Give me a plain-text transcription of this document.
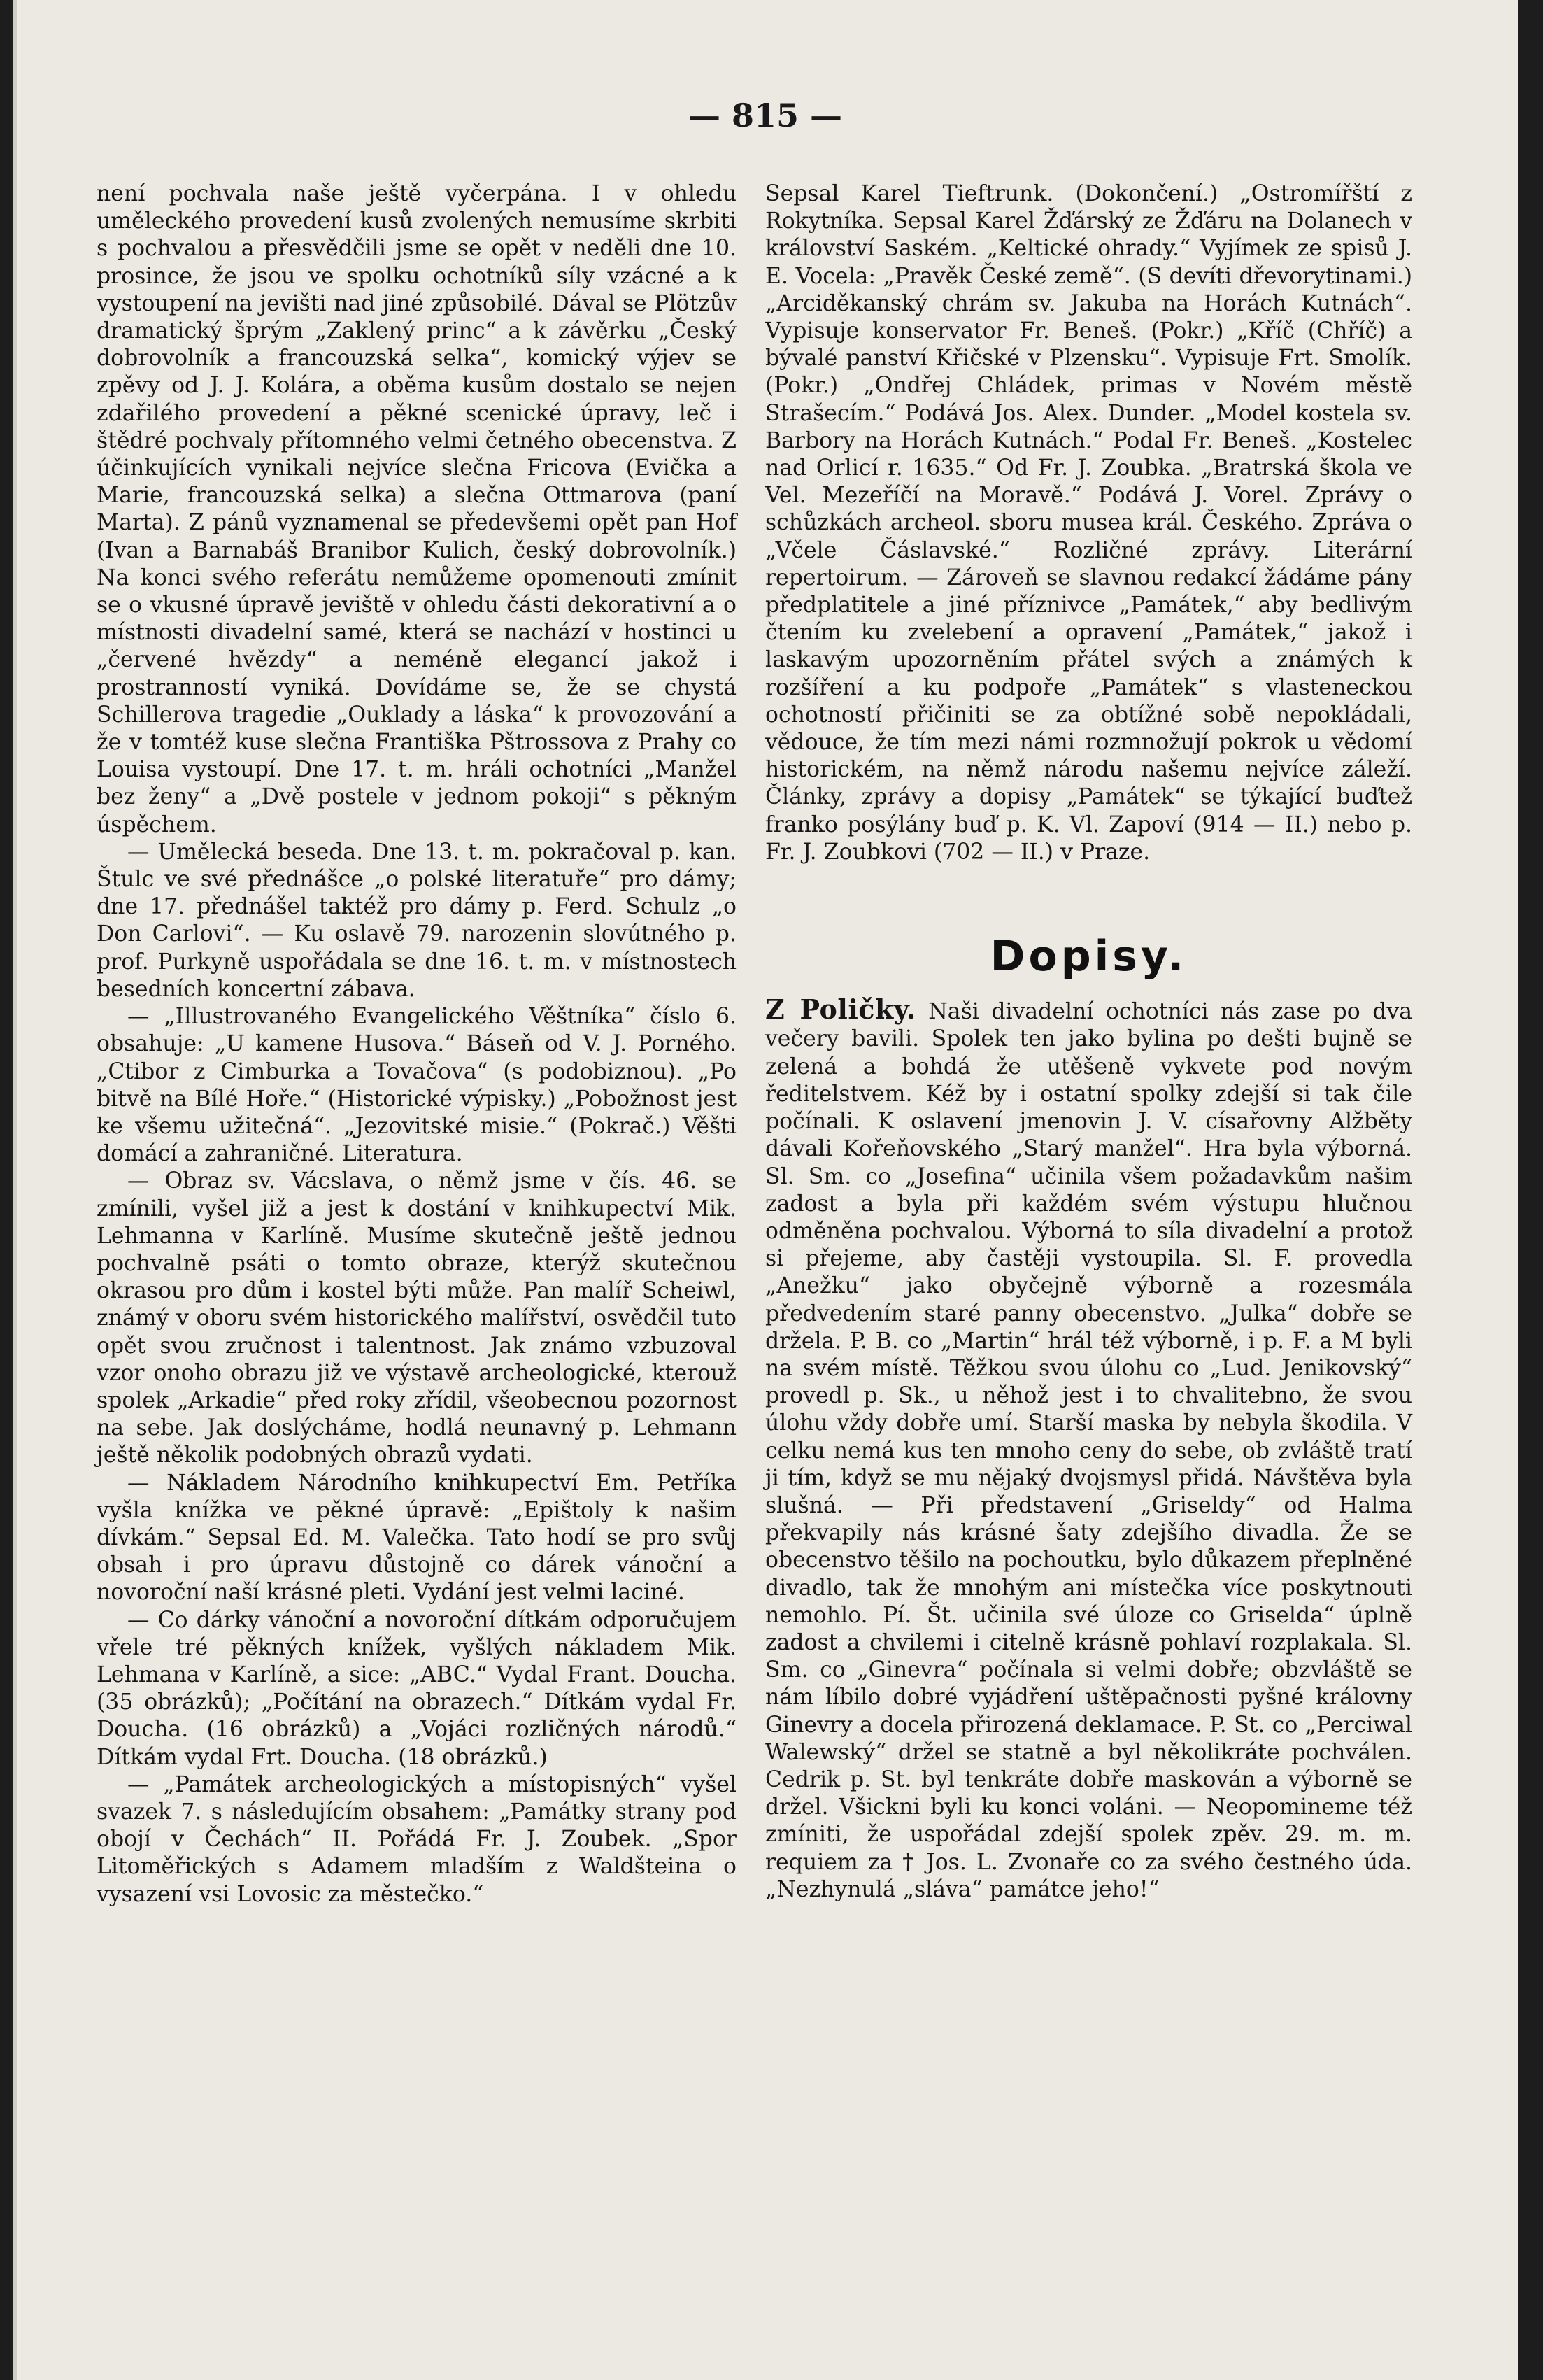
— 815 —

není pochvala naše ještě vyčerpána. I v ohledu uměleckého provedení kusů zvolených nemusíme skrbiti s pochvalou a přesvědčili jsme se opět v neděli dne 10. prosince, že jsou ve spolku ochotníků síly vzácné a k vystoupení na jevišti nad jiné způsobilé. Dával se Plötzův dramatický šprým „Zaklený princ“ a k závěrku „Český dobrovolník a francouzská selka“, komický výjev se zpěvy od J. J. Kolára, a oběma kusům dostalo se nejen zdařilého provedení a pěkné scenické úpravy, leč i štědré pochvaly přítomného velmi četného obecenstva. Z účinkujících vynikali nejvíce slečna Fricova (Evička a Marie, francouzská selka) a slečna Ottmarova (paní Marta). Z pánů vyznamenal se předevšemi opět pan Hof (Ivan a Barnabáš Branibor Kulich, český dobrovolník.) Na konci svého referátu nemůžeme opomenouti zmínit se o vkusné úpravě jeviště v ohledu části dekorativní a o místnosti divadelní samé, která se nachází v hostinci u „červené hvězdy“ a neméně elegancí jakož i prostranností vyniká. Dovídáme se, že se chystá Schillerova tragedie „Ouklady a láska“ k provozování a že v tomtéž kuse slečna Františka Pštrossova z Prahy co Louisa vystoupí. Dne 17. t. m. hráli ochotníci „Manžel bez ženy“ a „Dvě postele v jednom pokoji“ s pěkným úspěchem.

— Umělecká beseda. Dne 13. t. m. pokračoval p. kan. Štulc ve své přednášce „o polské literatuře“ pro dámy; dne 17. přednášel taktéž pro dámy p. Ferd. Schulz „o Don Carlovi“. — Ku oslavě 79. narozenin slovútného p. prof. Purkyně uspořádala se dne 16. t. m. v místnostech besedních koncertní zábava.

— „Illustrovaného Evangelického Věštníka“ číslo 6. obsahuje: „U kamene Husova.“ Báseň od V. J. Porného. „Ctibor z Cimburka a Tovačova“ (s podobiznou). „Po bitvě na Bílé Hoře.“ (Historické výpisky.) „Pobožnost jest ke všemu užitečná“. „Jezovitské misie.“ (Pokrač.) Věšti domácí a zahraničné. Literatura.

— Obraz sv. Vácslava, o němž jsme v čís. 46. se zmínili, vyšel již a jest k dostání v knihkupectví Mik. Lehmanna v Karlíně. Musíme skutečně ještě jednou pochvalně psáti o tomto obraze, kterýž skutečnou okrasou pro dům i kostel býti může. Pan malíř Scheiwl, známý v oboru svém historického malířství, osvědčil tuto opět svou zručnost i talentnost. Jak známo vzbuzoval vzor onoho obrazu již ve výstavě archeologické, kterouž spolek „Arkadie“ před roky zřídil, všeobecnou pozornost na sebe. Jak doslýcháme, hodlá neunavný p. Lehmann ještě několik podobných obrazů vydati.

— Nákladem Národního knihkupectví Em. Petříka vyšla knížka ve pěkné úpravě: „Epištoly k našim dívkám.“ Sepsal Ed. M. Valečka. Tato hodí se pro svůj obsah i pro úpravu důstojně co dárek vánoční a novoroční naší krásné pleti. Vydání jest velmi laciné.

— Co dárky vánoční a novoroční dítkám odporučujem vřele tré pěkných knížek, vyšlých nákladem Mik. Lehmana v Karlíně, a sice: „ABC.“ Vydal Frant. Doucha. (35 obrázků); „Počítání na obrazech.“ Dítkám vydal Fr. Doucha. (16 obrázků) a „Vojáci rozličných národů.“ Dítkám vydal Frt. Doucha. (18 obrázků.)

— „Památek archeologických a místopisných“ vyšel svazek 7. s následujícím obsahem: „Památky strany pod obojí v Čechách“ II. Pořádá Fr. J. Zoubek. „Spor Litoměřických s Adamem mladším z Waldšteina o vysazení vsi Lovosic za městečko.“

Sepsal Karel Tieftrunk. (Dokončení.) „Ostromířští z Rokytníka. Sepsal Karel Žďárský ze Žďáru na Dolanech v království Saském. „Keltické ohrady.“ Vyjímek ze spisů J. E. Vocela: „Pravěk České země“. (S devíti dřevorytinami.) „Arciděkanský chrám sv. Jakuba na Horách Kutnách“. Vypisuje konservator Fr. Beneš. (Pokr.) „Kříč (Chříč) a bývalé panství Křičské v Plzensku“. Vypisuje Frt. Smolík. (Pokr.) „Ondřej Chládek, primas v Novém městě Strašecím.“ Podává Jos. Alex. Dunder. „Model kostela sv. Barbory na Horách Kutnách.“ Podal Fr. Beneš. „Kostelec nad Orlicí r. 1635.“ Od Fr. J. Zoubka. „Bratrská škola ve Vel. Mezeříčí na Moravě.“ Podává J. Vorel. Zprávy o schůzkách archeol. sboru musea král. Českého. Zpráva o „Včele Čáslavské.“ Rozličné zprávy. Literární repertoirum. — Zároveň se slavnou redakcí žádáme pány předplatitele a jiné příznivce „Památek,“ aby bedlivým čtením ku zvelebení a opravení „Památek,“ jakož i laskavým upozorněním přátel svých a známých k rozšíření a ku podpoře „Památek“ s vlasteneckou ochotností přičiniti se za obtížné sobě nepokládali, vědouce, že tím mezi námi rozmnožují pokrok u vědomí historickém, na němž národu našemu nejvíce záleží. Články, zprávy a dopisy „Památek“ se týkající buďtež franko posýlány buď p. K. Vl. Zapoví (914 — II.) nebo p. Fr. J. Zoubkovi (702 — II.) v Praze.

Dopisy.

Z Poličky. Naši divadelní ochotníci nás zase po dva večery bavili. Spolek ten jako bylina po dešti bujně se zelená a bohdá že utěšeně vykvete pod novým ředitelstvem. Kéž by i ostatní spolky zdejší si tak čile počínali. K oslavení jmenovin J. V. císařovny Alžběty dávali Kořeňovského „Starý manžel“. Hra byla výborná. Sl. Sm. co „Josefina“ učinila všem požadavkům našim zadost a byla při každém svém výstupu hlučnou odměněna pochvalou. Výborná to síla divadelní a protož si přejeme, aby častěji vystoupila. Sl. F. provedla „Anežku“ jako obyčejně výborně a rozesmála předvedením staré panny obecenstvo. „Julka“ dobře se držela. P. B. co „Martin“ hrál též výborně, i p. F. a M byli na svém místě. Těžkou svou úlohu co „Lud. Jenikovský“ provedl p. Sk., u něhož jest i to chvalitebno, že svou úlohu vždy dobře umí. Starší maska by nebyla škodila. V celku nemá kus ten mnoho ceny do sebe, ob zvláště tratí ji tím, když se mu nějaký dvojsmysl přidá. Návštěva byla slušná. — Při představení „Griseldy“ od Halma překvapily nás krásné šaty zdejšího divadla. Že se obecenstvo těšilo na pochoutku, bylo důkazem přeplněné divadlo, tak že mnohým ani místečka více poskytnouti nemohlo. Pí. Št. učinila své úloze co Griselda“ úplně zadost a chvilemi i citelně krásně pohlaví rozplakala. Sl. Sm. co „Ginevra“ počínala si velmi dobře; obzvláště se nám líbilo dobré vyjádření uštěpačnosti pyšné královny Ginevry a docela přirozená deklamace. P. St. co „Perciwal Walewský“ držel se statně a byl několikráte pochválen. Cedrik p. St. byl tenkráte dobře maskován a výborně se držel. Všickni byli ku konci voláni. — Neopomineme též zmíniti, že uspořádal zdejší spolek zpěv. 29. m. m. requiem za † Jos. L. Zvonaře co za svého čestného úda. „Nezhynulá „sláva“ památce jeho!“
